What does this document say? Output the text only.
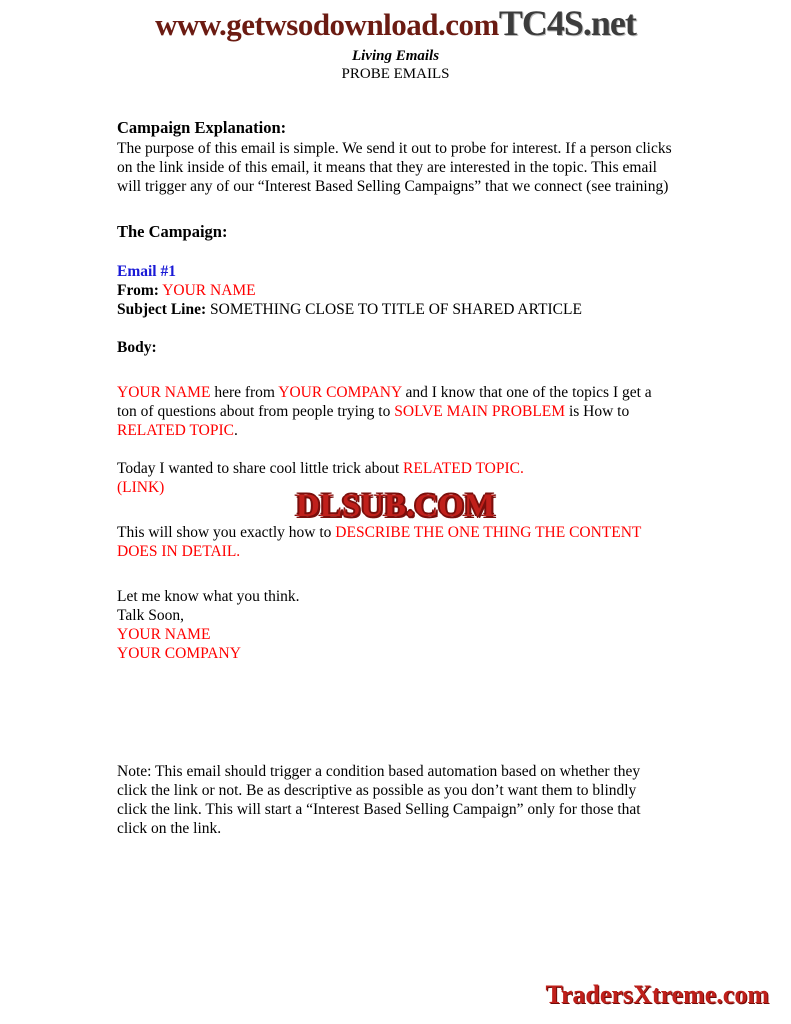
www.getwsodownload.comTC4S.net
Living Emails
PROBE EMAILS
Campaign Explanation:

The purpose of this email is simple. We send it out to probe for interest. If a person clicks on the link inside of this email, it means that they are interested in the topic. This email will trigger any of our “Interest Based Selling Campaigns” that we connect (see training)

The Campaign:

Email #1

From: YOUR NAME

Subject Line: SOMETHING CLOSE TO TITLE OF SHARED ARTICLE

Body:

YOUR NAME here from YOUR COMPANY and I know that one of the topics I get a ton of questions about from people trying to SOLVE MAIN PROBLEM is How to RELATED TOPIC.

Today I wanted to share cool little trick about RELATED TOPIC.

(LINK)

This will show you exactly how to DESCRIBE THE ONE THING THE CONTENT DOES IN DETAIL.

Let me know what you think.

Talk Soon,

YOUR NAME

YOUR COMPANY

DLSUB.COM
Note: This email should trigger a condition based automation based on whether they click the link or not. Be as descriptive as possible as you don’t want them to blindly click the link. This will start a “Interest Based Selling Campaign” only for those that click on the link.
TradersXtreme.com
